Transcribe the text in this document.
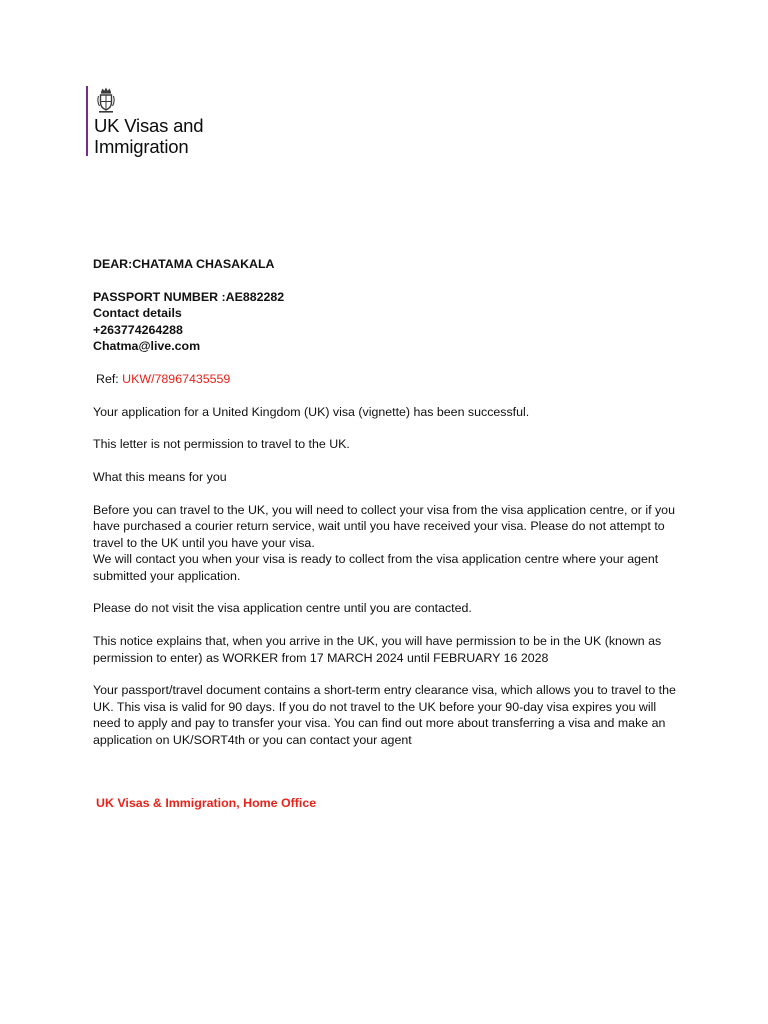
UK Visas and
Immigration

DEAR:CHATAMA CHASAKALA

PASSPORT NUMBER :AE882282

Contact details

+263774264288

Chatma@live.com

Ref: UKW/78967435559

Your application for a United Kingdom (UK) visa (vignette) has been successful.

This letter is not permission to travel to the UK.

What this means for you

Before you can travel to the UK, you will need to collect your visa from the visa application centre, or if you have purchased a courier return service, wait until you have received your visa. Please do not attempt to travel to the UK until you have your visa.

We will contact you when your visa is ready to collect from the visa application centre where your agent submitted your application.

Please do not visit the visa application centre until you are contacted.

This notice explains that, when you arrive in the UK, you will have permission to be in the UK (known as permission to enter) as WORKER from 17 MARCH 2024 until FEBRUARY 16 2028

Your passport/travel document contains a short-term entry clearance visa, which allows you to travel to the UK. This visa is valid for 90 days. If you do not travel to the UK before your 90-day visa expires you will need to apply and pay to transfer your visa. You can find out more about transferring a visa and make an application on UK/SORT4th or you can contact your agent

UK Visas & Immigration, Home Office
